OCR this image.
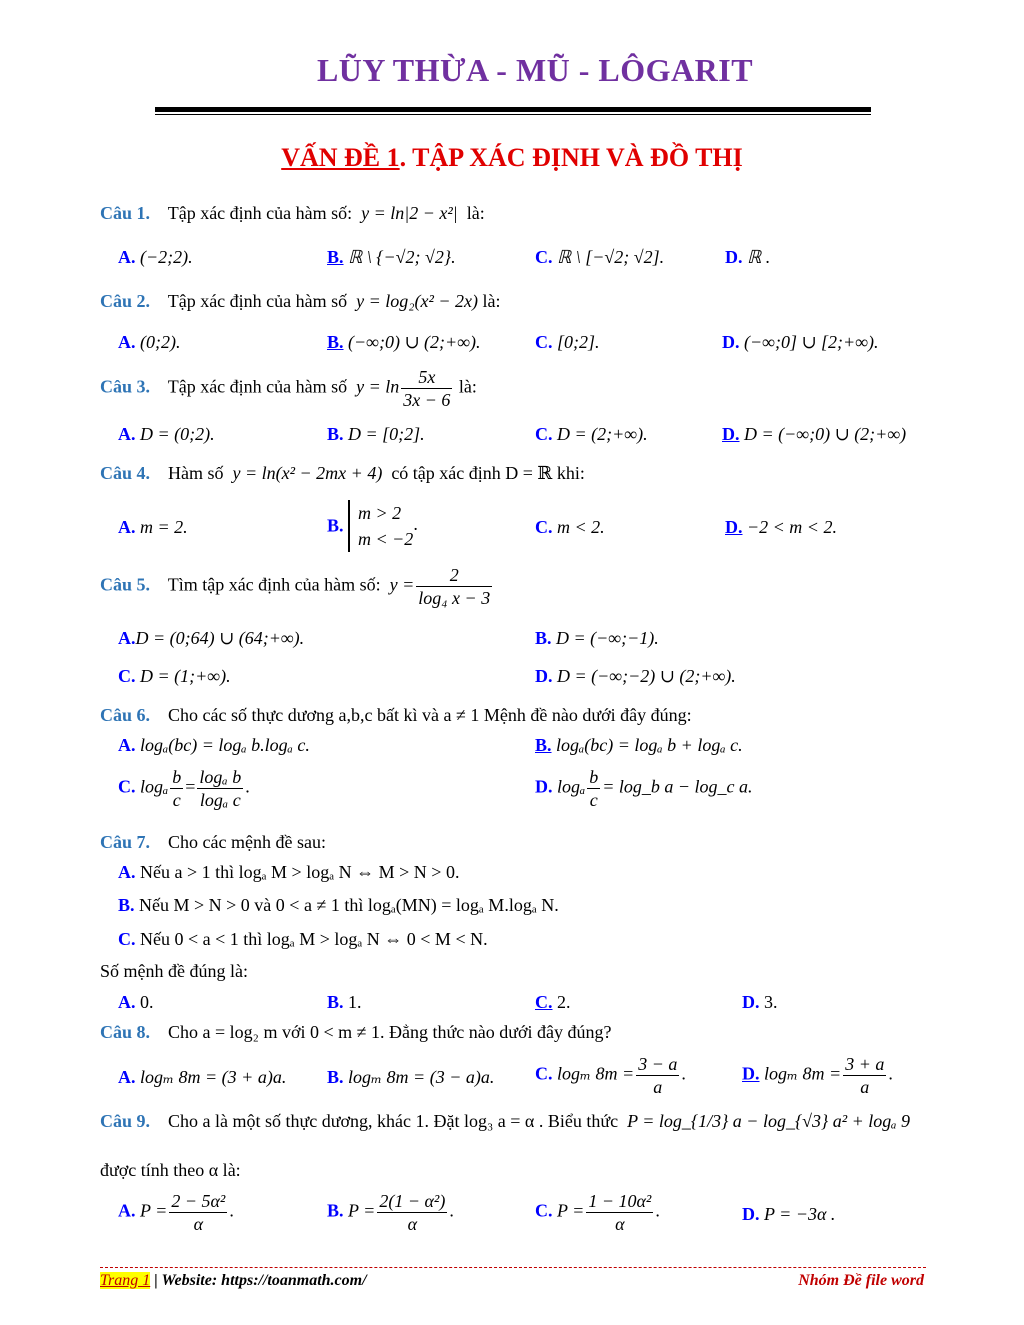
LŨY THỪA - MŨ - LÔGARIT
VẤN ĐỀ 1. TẬP XÁC ĐỊNH VÀ ĐỒ THỊ
Câu 1. Tập xác định của hàm số: y = ln|2 − x²| là:
A. (−2;2).	B. ℝ \ {−√2; √2}.	C. ℝ \ [−√2; √2].	D. ℝ .
Câu 2. Tập xác định của hàm số y = log₂(x² − 2x) là:
A. (0;2).	B. (−∞;0) ∪ (2;+∞).	C. [0;2].	D. (−∞;0] ∪ [2;+∞).
Câu 3. Tập xác định của hàm số $y = \ln \frac{5x}{3x - 6}$ là:
A. D = (0;2).	B. D = [0;2].	C. D = (2;+∞).	D. D = (−∞;0) ∪ (2;+∞)
Câu 4. Hàm số y = ln(x² − 2mx + 4) có tập xác định D = ℝ khi:
A. m = 2.	B.
m > 2
m < −2
.	C. m < 2.	D. −2 < m < 2.
Câu 5. Tìm tập xác định của hàm số: $y = \frac{2}{\text{log₄ x − 3}}$
A.D = (0;64) ∪ (64;+∞).	B. D = (−∞;−1).
C. D = (1;+∞).	D. D = (−∞;−2) ∪ (2;+∞).
Câu 6. Cho các số thực dương a,b,c bất kì và a ≠ 1 Mệnh đề nào dưới đây đúng:
A. logₐ(bc) = logₐ b.logₐ c.	B. logₐ(bc) = logₐ b + logₐ c.
C. logₐ $\frac{b}{c} = \frac{\text{logₐ b}}{\text{logₐ c}}$ .	D. logₐ $\frac{b}{c}$ = log_b a − log_c a.
Câu 7. Cho các mệnh đề sau:
A. Nếu a > 1 thì logₐ M > logₐ N ⇔ M > N > 0.
B. Nếu M > N > 0 và 0 < a ≠ 1 thì logₐ(MN) = logₐ M.logₐ N.
C. Nếu 0 < a < 1 thì logₐ M > logₐ N ⇔ 0 < M < N.
Số mệnh đề đúng là:
A. 0.	B. 1.	C. 2.	D. 3.
Câu 8. Cho a = log₂ m với 0 < m ≠ 1. Đẳng thức nào dưới đây đúng?
A. logₘ 8m = (3 + a)a. B. logₘ 8m = (3 − a)a. C. logₘ $8m = \frac{3 - a}{a}$ .	D. logₘ $8m = \frac{3 + a}{a}$ .
Câu 9. Cho a là một số thực dương, khác 1. Đặt log₃ a = α . Biểu thức P = log_{1/3} a − log_{√3} a² + logₐ 9
được tính theo α là:
A. $P = \frac{\text{2 − 5α²}}{\alpha}$ .	B. $P = \frac{\text{2(1 − α²)}}{\alpha}$ .	C. $P = \frac{\text{1 − 10α²}}{\alpha}$ .	D. P = −3α .
Trang 1 | Website: https://toanmath.com/	Nhóm Đề file word
